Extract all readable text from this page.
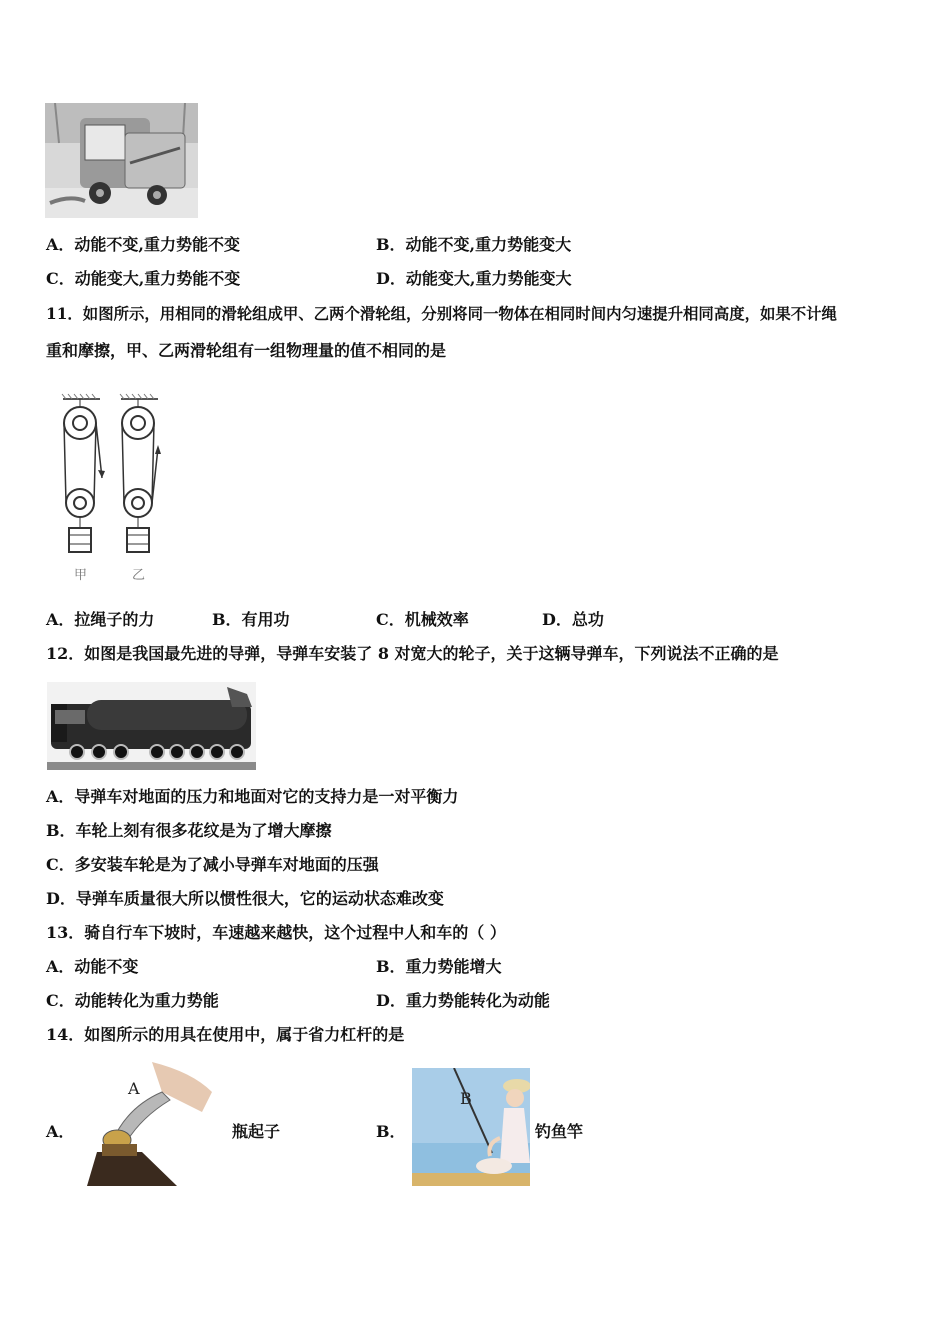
A．动能不变,重力势能不变	B．动能不变,重力势能变大
C．动能变大,重力势能不变	D．动能变大,重力势能变大
11．如图所示，用相同的滑轮组成甲、乙两个滑轮组，分别将同一物体在相同时间内匀速提升相同高度，如果不计绳
重和摩擦，甲、乙两滑轮组有一组物理量的值不相同的是
甲	乙
A．拉绳子的力	B．有用功	C．机械效率	D．总功
12．如图是我国最先进的导弹，导弹车安装了 8 对宽大的轮子，关于这辆导弹车，下列说法不正确的是
A．导弹车对地面的压力和地面对它的支持力是一对平衡力
B．车轮上刻有很多花纹是为了增大摩擦
C．多安装车轮是为了减小导弹车对地面的压强
D．导弹车质量很大所以惯性很大，它的运动状态难改变
13．骑自行车下坡时，车速越来越快，这个过程中人和车的（ ）
A．动能不变	B．重力势能增大
C．动能转化为重力势能	D．重力势能转化为动能
14．如图所示的用具在使用中，属于省力杠杆的是
A．
A
瓶起子	B．
B
钓鱼竿
